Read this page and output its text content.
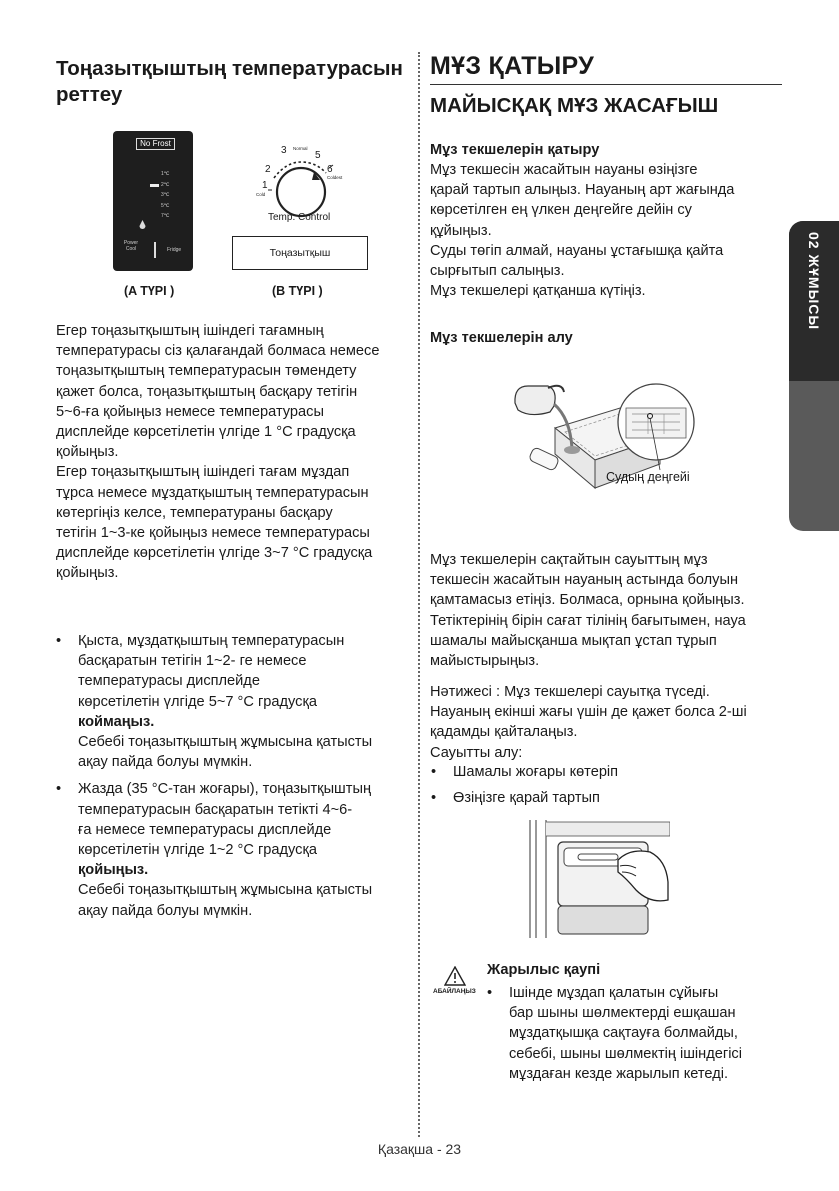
Тоңазытқыштың температурасын
реттеу
No Frost
1℃
2℃
3℃
5℃
7℃
Power Cool	Fridge
1
2
3	5
6
Cold
Normal
Coldest
Temp. Control
Тоңазытқыш
(A ТҮРІ )	(B ТҮРІ )
Егер тоңазытқыштың ішіндегі тағамның
температурасы сіз қалағандай болмаса немесе
тоңазытқыштың температурасын төмендету
қажет болса, тоңазытқыштың басқару тетігін
5~6-ға қойыңыз немесе температурасы
дисплейде көрсетілетін үлгіде 1 °C градусқа
қойыңыз.
Егер тоңазытқыштың ішіндегі тағам мұздап
тұрса немесе мұздатқыштың температурасын
көтергіңіз келсе, температураны басқару
тетігін 1~3-ке қойыңыз немесе температурасы
дисплейде көрсетілетін үлгіде 3~7 °C градусқа
қойыңыз.
• Қыста, мұздатқыштың температурасын
басқаратын тетігін 1~2- ге немесе
температурасы дисплейде
көрсетілетін үлгіде 5~7 °C градусқа
коймаңыз.
Себебі тоңазытқыштың жұмысына қатысты
ақау пайда болуы мүмкін.
• Жазда (35 °C-тан жоғары), тоңазытқыштың
температурасын басқаратын тетікті 4~6-
ға немесе температурасы дисплейде
көрсетілетін үлгіде 1~2 °C градусқа
қойыңыз.
Себебі тоңазытқыштың жұмысына қатысты
ақау пайда болуы мүмкін.
МҰЗ ҚАТЫРУ
МАЙЫСҚАҚ МҰЗ ЖАСАҒЫШ
Мұз текшелерін қатыру
Мұз текшесін жасайтын науаны өзіңізге
қарай тартып алыңыз. Науаның арт жағында
көрсетілген ең үлкен деңгейге дейін су
құйыңыз.
Суды төгіп алмай, науаны ұстағышқа қайта
сырғытып салыңыз.
Мұз текшелері қатқанша күтіңіз.
Мұз текшелерін алу
Судың деңгейі
Мұз текшелерін сақтайтын сауыттың мұз
текшесін жасайтын науаның астында болуын
қамтамасыз етіңіз. Болмаса, орнына қойыңыз.
Тетіктерінің бірін сағат тілінің бағытымен, науа
шамалы майысқанша мықтап ұстап тұрып
майыстырыңыз.
Нәтижесі : Мұз текшелері сауытқа түседі.
Науаның екінші жағы үшін де қажет болса 2-ші
қадамды қайталаңыз.
Сауытты алу:
• Шамалы жоғары көтеріп
• Өзіңізге қарай тартып
АБАЙЛАҢЫЗ
Жарылыс қаупі
• Ішінде мұздап қалатын сұйығы
бар шыны шөлмектерді ешқашан
мұздатқышқа сақтауға болмайды,
себебі, шыны шөлмектің ішіндегісі
мұздаған кезде жарылып кетеді.
02 ЖҰМЫСЫ
Қазақша - 23
